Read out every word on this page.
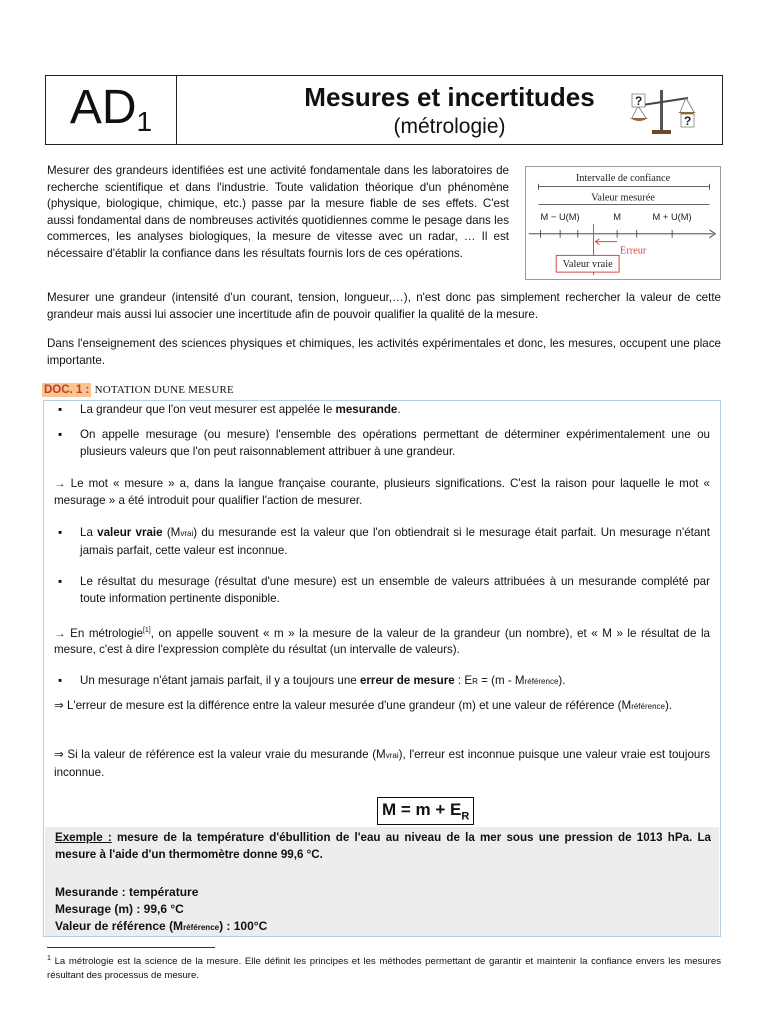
$AD_1$
Mesures et incertitudes
(métrologie)
?
?

Mesurer des grandeurs identifiées est une activité fondamentale dans les laboratoires de recherche scientifique et dans l'industrie. Toute validation théorique d'un phénomène (physique, biologique, chimique, etc.) passe par la mesure fiable de ses effets. C'est aussi fondamental dans de nombreuses activités quotidiennes comme le pesage dans les commerces, les analyses biologiques, la mesure de vitesse avec un radar, … Il est nécessaire d'établir la confiance dans les résultats fournis lors de ces opérations.

Intervalle de confiance
Valeur mesurée
M − U(M)	M	M + U(M)
Erreur
Valeur vraie

Mesurer une grandeur (intensité d'un courant, tension, longueur,…), n'est donc pas simplement rechercher la valeur de cette grandeur mais aussi lui associer une incertitude afin de pouvoir qualifier la qualité de la mesure.

Dans l'enseignement des sciences physiques et chimiques, les activités expérimentales et donc, les mesures, occupent une place importante.

DOC. 1 : NOTATION DUNE MESURE

▪ La grandeur que l'on veut mesurer est appelée le mesurande.

▪ On appelle mesurage (ou mesure) l'ensemble des opérations permettant de déterminer expérimentalement une ou plusieurs valeurs que l'on peut raisonnablement attribuer à une grandeur.

→ Le mot « mesure » a, dans la langue française courante, plusieurs significations. C'est la raison pour laquelle le mot « mesurage » a été introduit pour qualifier l'action de mesurer.

▪ La valeur vraie (Mvrai) du mesurande est la valeur que l'on obtiendrait si le mesurage était parfait. Un mesurage n'étant jamais parfait, cette valeur est inconnue.

▪ Le résultat du mesurage (résultat d'une mesure) est un ensemble de valeurs attribuées à un mesurande complété par toute information pertinente disponible.

→ En métrologie[1], on appelle souvent « m » la mesure de la valeur de la grandeur (un nombre), et « M » le résultat de la mesure, c'est à dire l'expression complète du résultat (un intervalle de valeurs).

▪ Un mesurage n'étant jamais parfait, il y a toujours une erreur de mesure : ER = (m - Mréférence).

⇒ L'erreur de mesure est la différence entre la valeur mesurée d'une grandeur (m) et une valeur de référence (Mréférence).

⇒ Si la valeur de référence est la valeur vraie du mesurande (Mvrai), l'erreur est inconnue puisque une valeur vraie est toujours inconnue.

$M = m + E_R$

Exemple : mesure de la température d'ébullition de l'eau au niveau de la mer sous une pression de 1013 hPa. La mesure à l'aide d'un thermomètre donne 99,6 °C.

Mesurande : température

Mesurage (m) : 99,6 °C

Valeur de référence (Mréférence) : 100°C

$^1$ La métrologie est la science de la mesure. Elle définit les principes et les méthodes permettant de garantir et maintenir la confiance envers les mesures résultant des processus de mesure.
